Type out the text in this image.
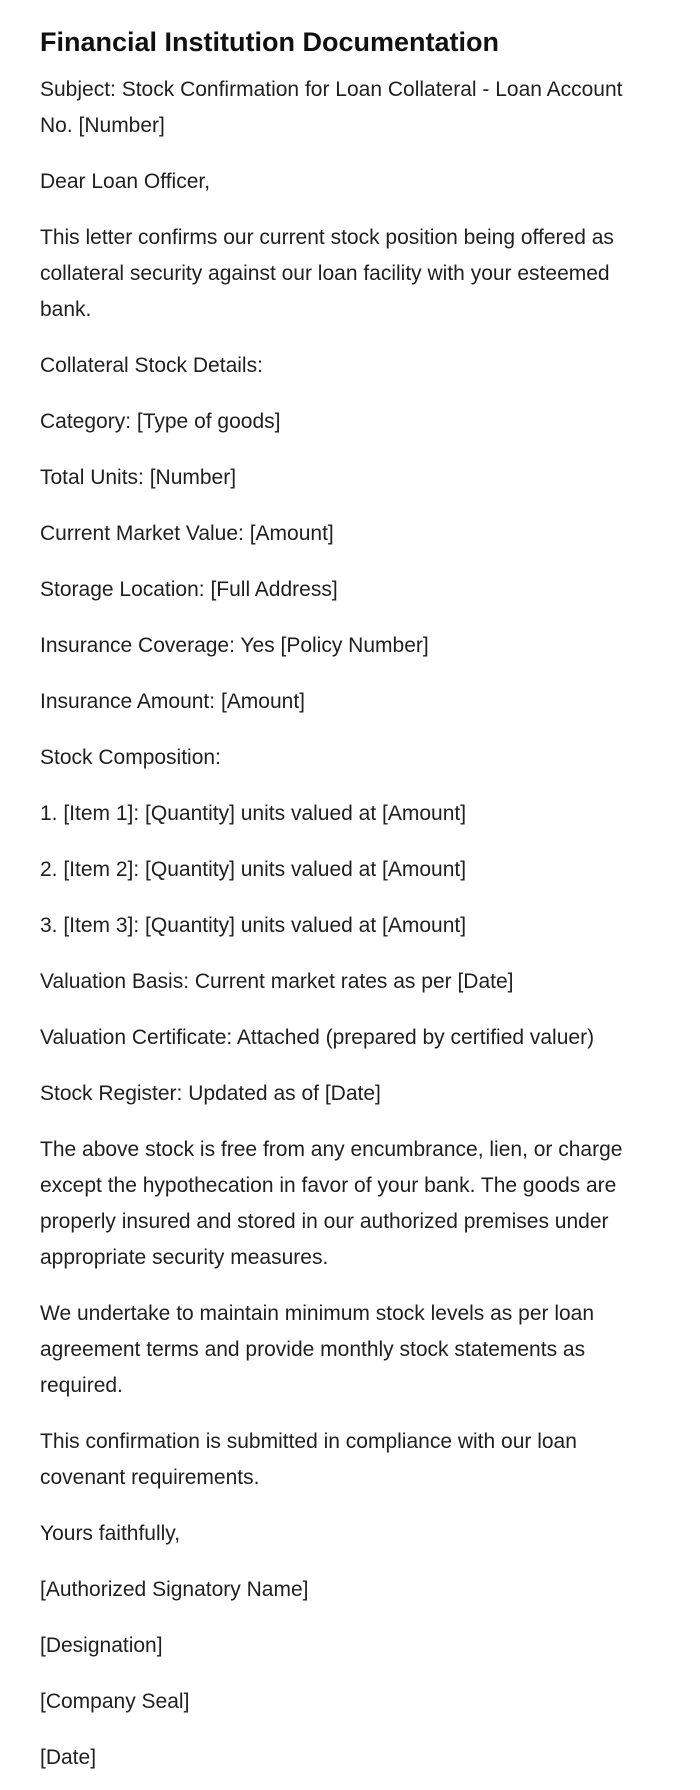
Financial Institution Documentation

Subject: Stock Confirmation for Loan Collateral - Loan Account No. [Number]

Dear Loan Officer,

This letter confirms our current stock position being offered as collateral security against our loan facility with your esteemed bank.

Collateral Stock Details:

Category: [Type of goods]

Total Units: [Number]

Current Market Value: [Amount]

Storage Location: [Full Address]

Insurance Coverage: Yes [Policy Number]

Insurance Amount: [Amount]

Stock Composition:

1. [Item 1]: [Quantity] units valued at [Amount]

2. [Item 2]: [Quantity] units valued at [Amount]

3. [Item 3]: [Quantity] units valued at [Amount]

Valuation Basis: Current market rates as per [Date]

Valuation Certificate: Attached (prepared by certified valuer)

Stock Register: Updated as of [Date]

The above stock is free from any encumbrance, lien, or charge except the hypothecation in favor of your bank. The goods are properly insured and stored in our authorized premises under appropriate security measures.

We undertake to maintain minimum stock levels as per loan agreement terms and provide monthly stock statements as required.

This confirmation is submitted in compliance with our loan covenant requirements.

Yours faithfully,

[Authorized Signatory Name]

[Designation]

[Company Seal]

[Date]
